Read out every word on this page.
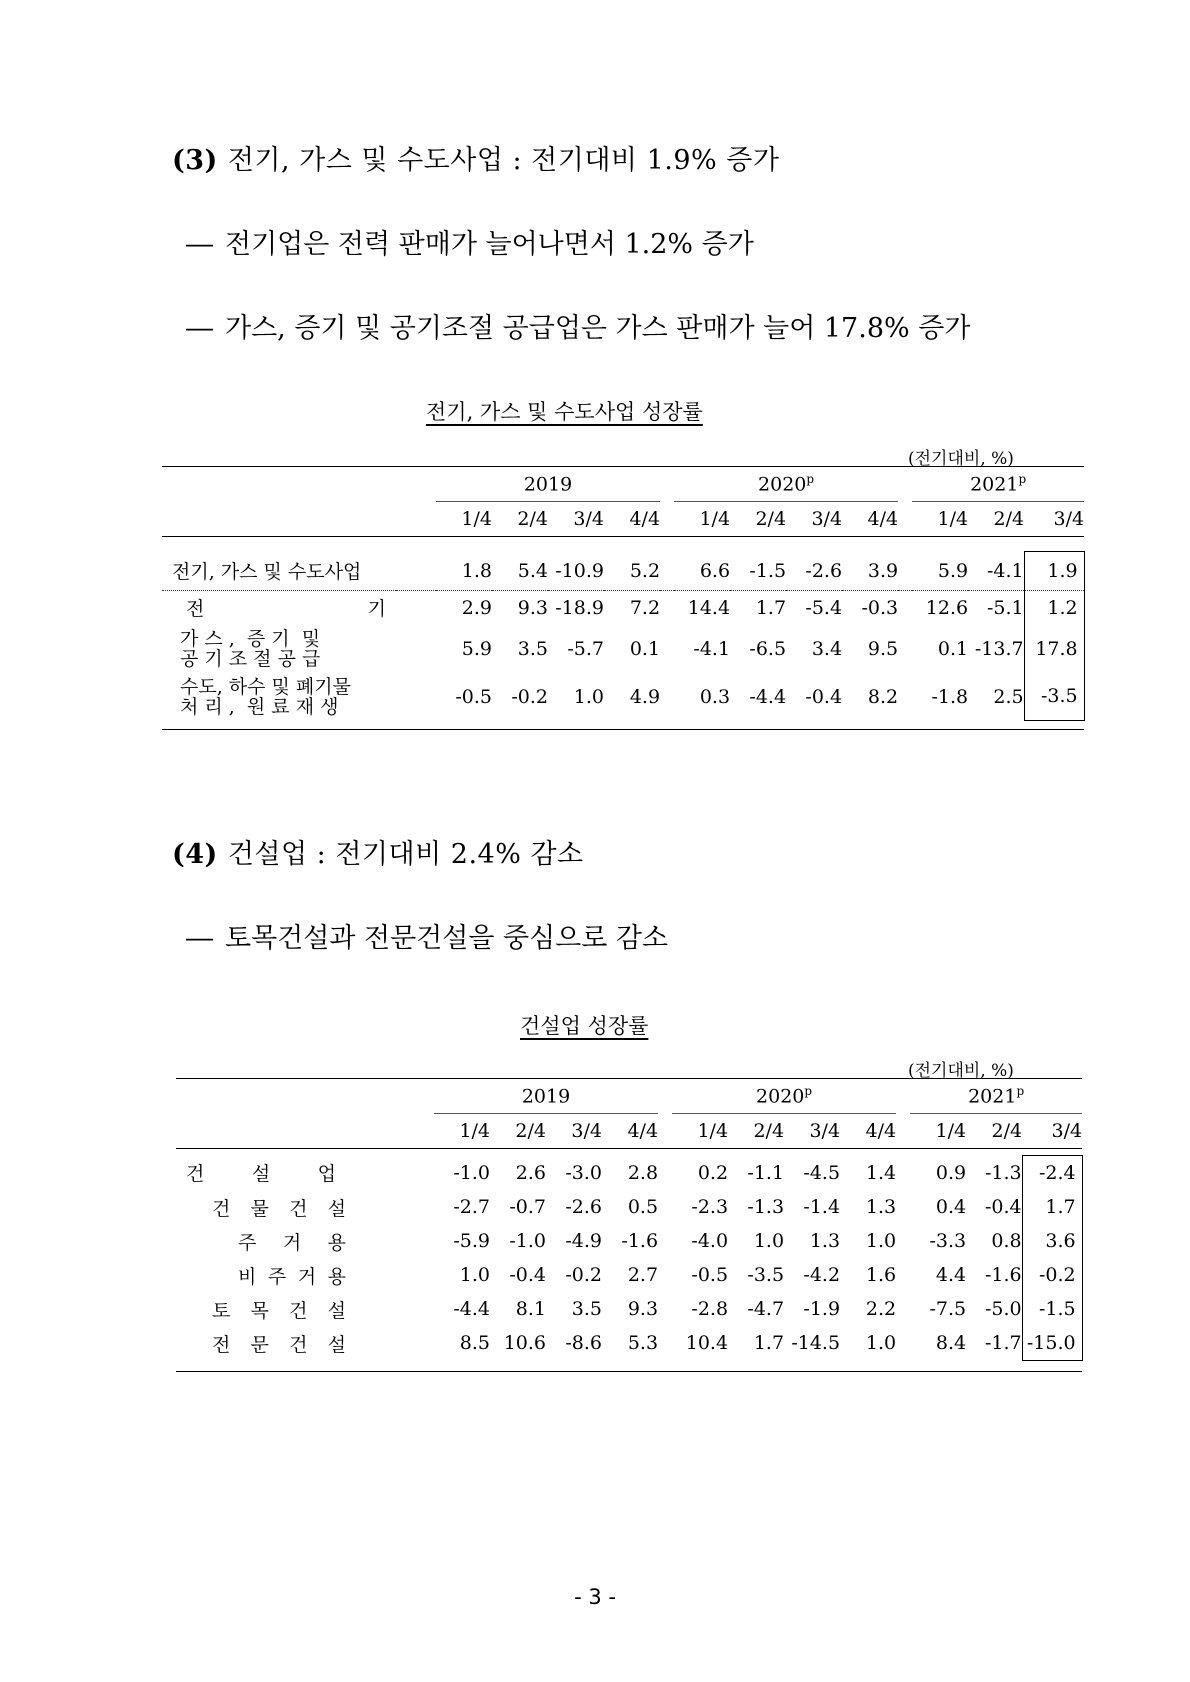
(3) 전기, 가스 및 수도사업 : 전기대비 1.9% 증가
― 전기업은 전력 판매가 늘어나면서 1.2% 증가
― 가스, 증기 및 공기조절 공급업은 가스 판매가 늘어 17.8% 증가
전기, 가스 및 수도사업 성장률
(전기대비, %)
		2019					2020$^p$					2021$^p$
		1/4	2/4	3/4	4/4		1/4	2/4	3/4	4/4		1/4	2/4	3/4

전기, 가스 및 수도사업		1.8	5.4	-10.9	5.2		6.6	-1.5	-2.6	3.9		5.9	-4.1	1.9

전 기		2.9	9.3	-18.9	7.2		14.4	1.7	-5.4	-0.3		12.6	-5.1	1.2

가 스 ,  증 기  및
공 기 조 절 공 급		5.9	3.5	-5.7	0.1		-4.1	-6.5	3.4	9.5		0.1	-13.7	17.8

수도, 하수 및 폐기물
처 리 ,  원 료 재 생		-0.5	-0.2	1.0	4.9		0.3	-4.4	-0.4	8.2		-1.8	2.5	-3.5

(4) 건설업 : 전기대비 2.4% 감소
― 토목건설과 전문건설을 중심으로 감소
건설업 성장률
(전기대비, %)
		2019					2020$^p$					2021$^p$
		1/4	2/4	3/4	4/4		1/4	2/4	3/4	4/4		1/4	2/4	3/4

건 설 업		-1.0	2.6	-3.0	2.8		0.2	-1.1	-4.5	1.4		0.9	-1.3	-2.4

건 물 건 설		-2.7	-0.7	-2.6	0.5		-2.3	-1.3	-1.4	1.3		0.4	-0.4	1.7

주 거 용		-5.9	-1.0	-4.9	-1.6		-4.0	1.0	1.3	1.0		-3.3	0.8	3.6

비 주 거 용		1.0	-0.4	-0.2	2.7		-0.5	-3.5	-4.2	1.6		4.4	-1.6	-0.2

토 목 건 설		-4.4	8.1	3.5	9.3		-2.8	-4.7	-1.9	2.2		-7.5	-5.0	-1.5

전 문 건 설		8.5	10.6	-8.6	5.3		10.4	1.7	-14.5	1.0		8.4	-1.7	-15.0

- 3 -
